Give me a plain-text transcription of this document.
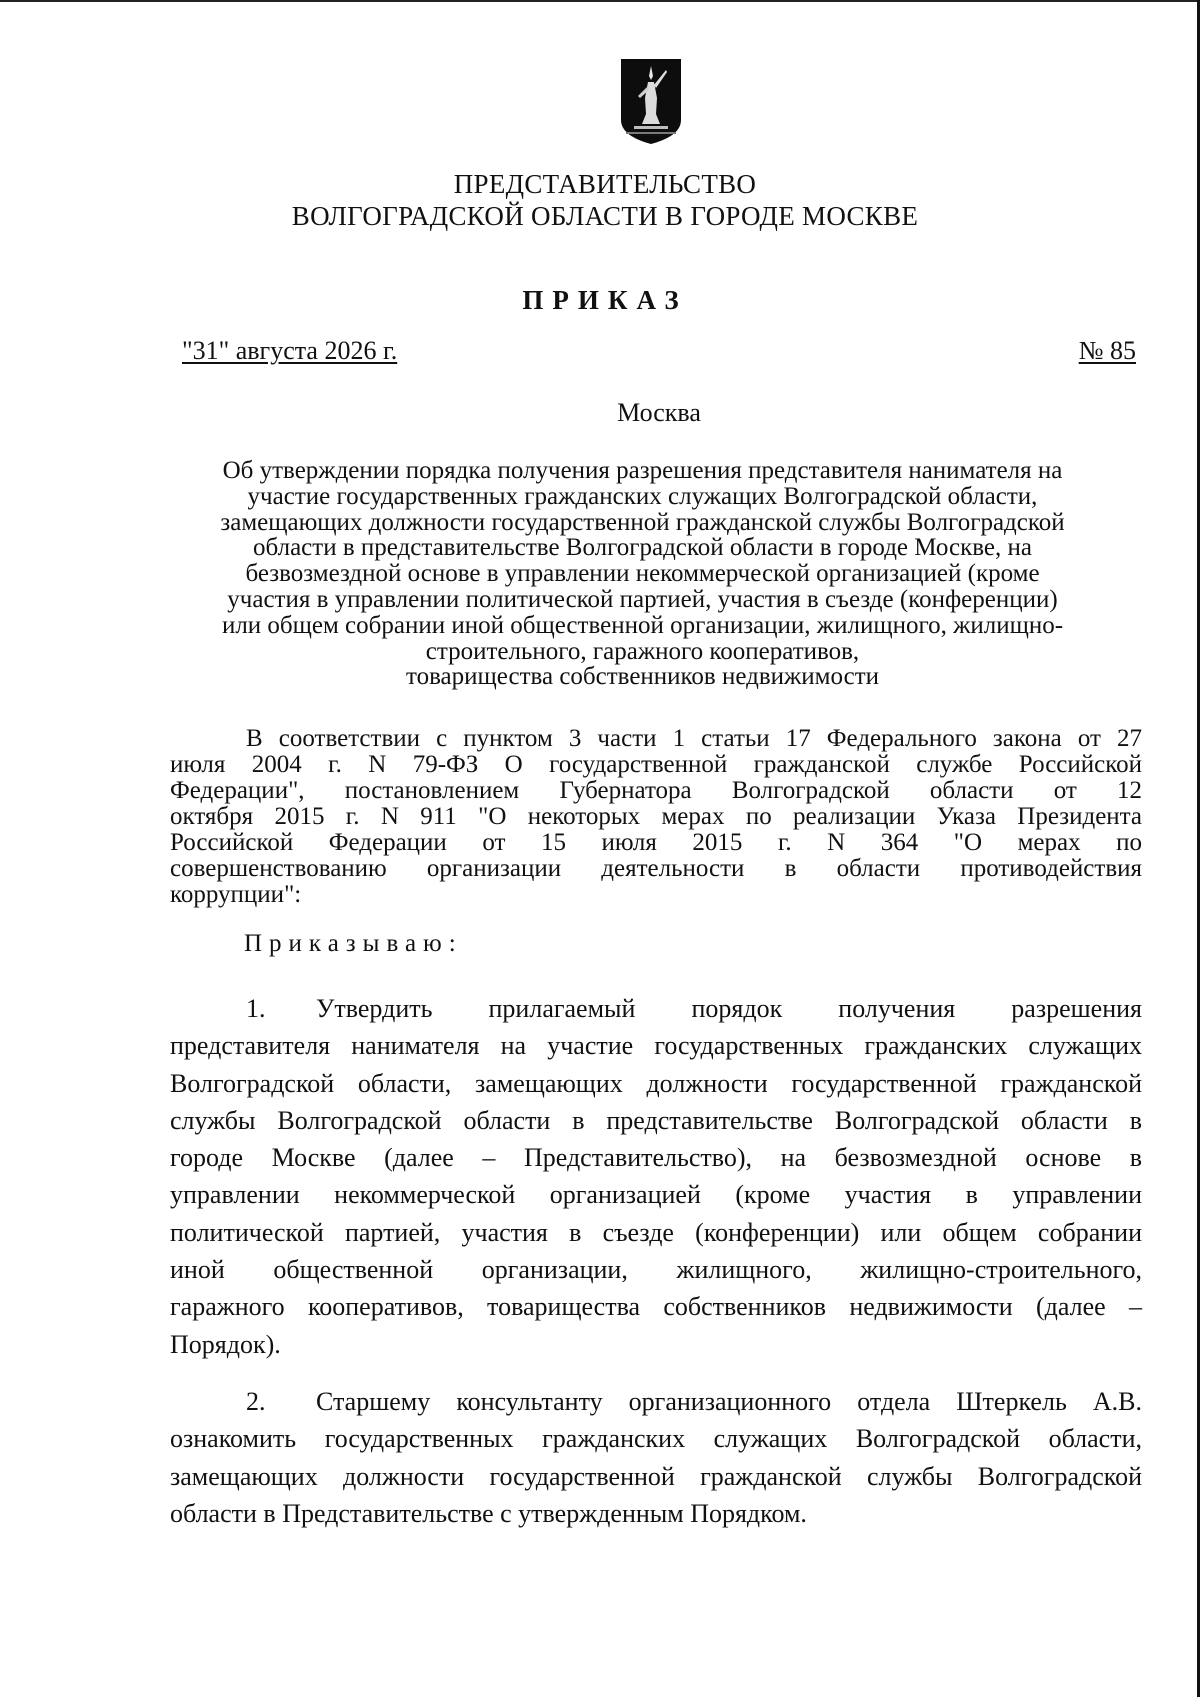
ПРЕДСТАВИТЕЛЬСТВО
ВОЛГОГРАДСКОЙ ОБЛАСТИ В ГОРОДЕ МОСКВЕ
ПРИКАЗ
"31" августа 2026 г.	№ 85
Москва
Об утверждении порядка получения разрешения представителя нанимателя на
участие государственных гражданских служащих Волгоградской области,
замещающих должности государственной гражданской службы Волгоградской
области в представительстве Волгоградской области в городе Москве, на
безвозмездной основе в управлении некоммерческой организацией (кроме
участия в управлении политической партией, участия в съезде (конференции)
или общем собрании иной общественной организации, жилищного, жилищно-
строительного, гаражного кооперативов,
товарищества собственников недвижимости
В соответствии с пунктом 3 части 1 статьи 17 Федерального закона от 27
июля 2004 г. N 79-ФЗ О государственной гражданской службе Российской
Федерации", постановлением Губернатора Волгоградской области от 12
октября 2015 г. N 911 "О некоторых мерах по реализации Указа Президента
Российской Федерации от 15 июля 2015 г. N 364 "О мерах по
совершенствованию организации деятельности в области противодействия
коррупции":
Приказываю:
1. Утвердить прилагаемый порядок получения разрешения
представителя нанимателя на участие государственных гражданских служащих
Волгоградской области, замещающих должности государственной гражданской
службы Волгоградской области в представительстве Волгоградской области в
городе Москве (далее – Представительство), на безвозмездной основе в
управлении некоммерческой организацией (кроме участия в управлении
политической партией, участия в съезде (конференции) или общем собрании
иной общественной организации, жилищного, жилищно-строительного,
гаражного кооперативов, товарищества собственников недвижимости (далее –
Порядок).
2. Старшему консультанту организационного отдела Штеркель А.В.
ознакомить государственных гражданских служащих Волгоградской области,
замещающих должности государственной гражданской службы Волгоградской
области в Представительстве с утвержденным Порядком.
